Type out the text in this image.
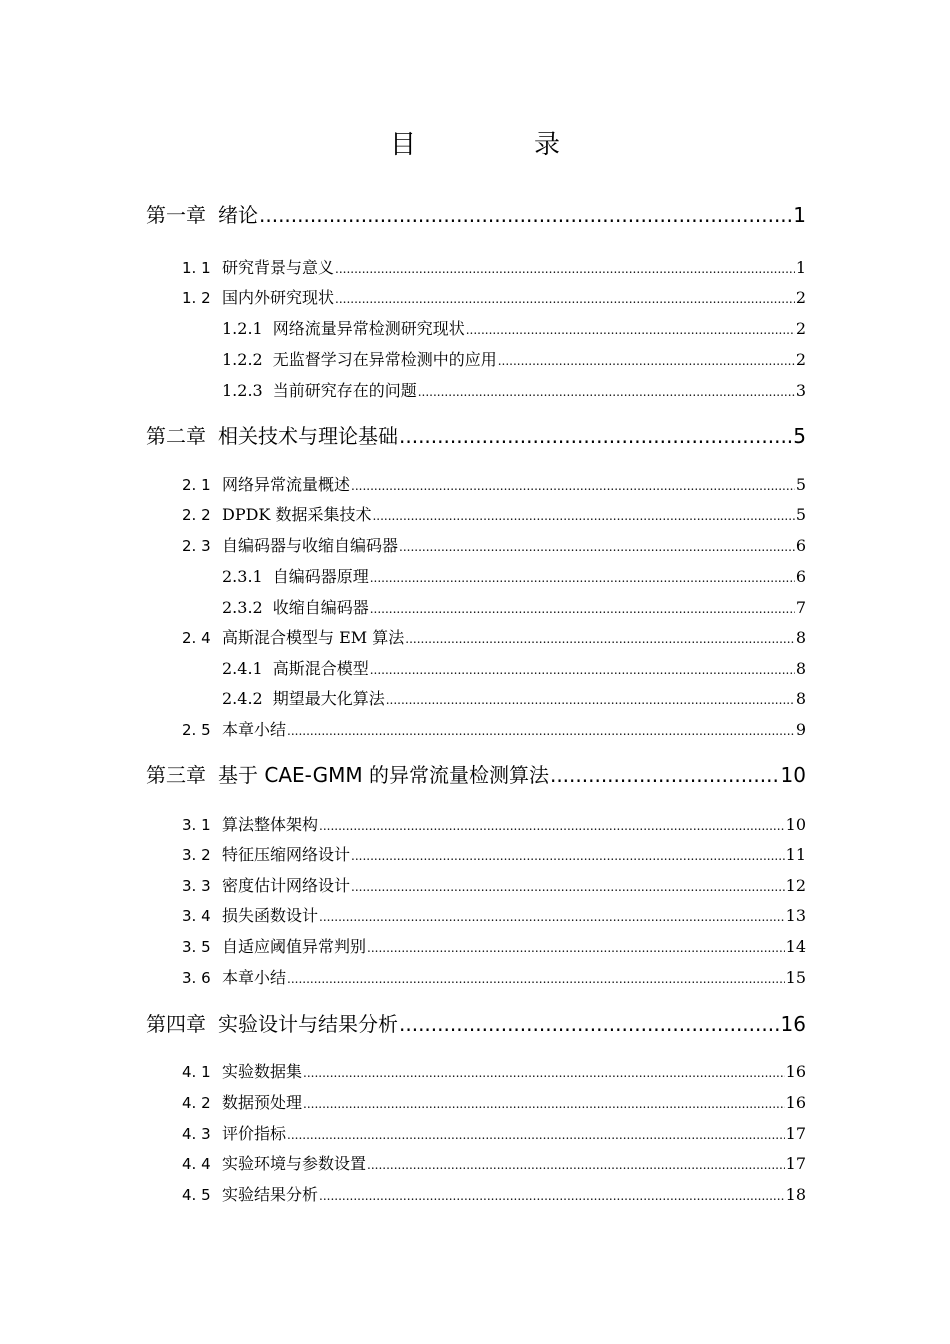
目　录
第一章 绪论 .....	1
1. 1 研究背景与意义 .....	1
1. 2 国内外研究现状 .....	2
1.2.1 网络流量异常检测研究现状 .....	2
1.2.2 无监督学习在异常检测中的应用 .....	2
1.2.3 当前研究存在的问题 .....	3
第二章 相关技术与理论基础 .....	5
2. 1 网络异常流量概述 .....	5
2. 2 DPDK 数据采集技术 .....	5
2. 3 自编码器与收缩自编码器 .....	6
2.3.1 自编码器原理 .....	6
2.3.2 收缩自编码器 .....	7
2. 4 高斯混合模型与 EM 算法 .....	8
2.4.1 高斯混合模型 .....	8
2.4.2 期望最大化算法 .....	8
2. 5 本章小结 .....	9
第三章 基于 CAE-GMM 的异常流量检测算法 .....	10
3. 1 算法整体架构 .....	10
3. 2 特征压缩网络设计 .....	11
3. 3 密度估计网络设计 .....	12
3. 4 损失函数设计 .....	13
3. 5 自适应阈值异常判别 .....	14
3. 6 本章小结 .....	15
第四章 实验设计与结果分析 .....	16
4. 1 实验数据集 .....	16
4. 2 数据预处理 .....	16
4. 3 评价指标 .....	17
4. 4 实验环境与参数设置 .....	17
4. 5 实验结果分析 .....	18
